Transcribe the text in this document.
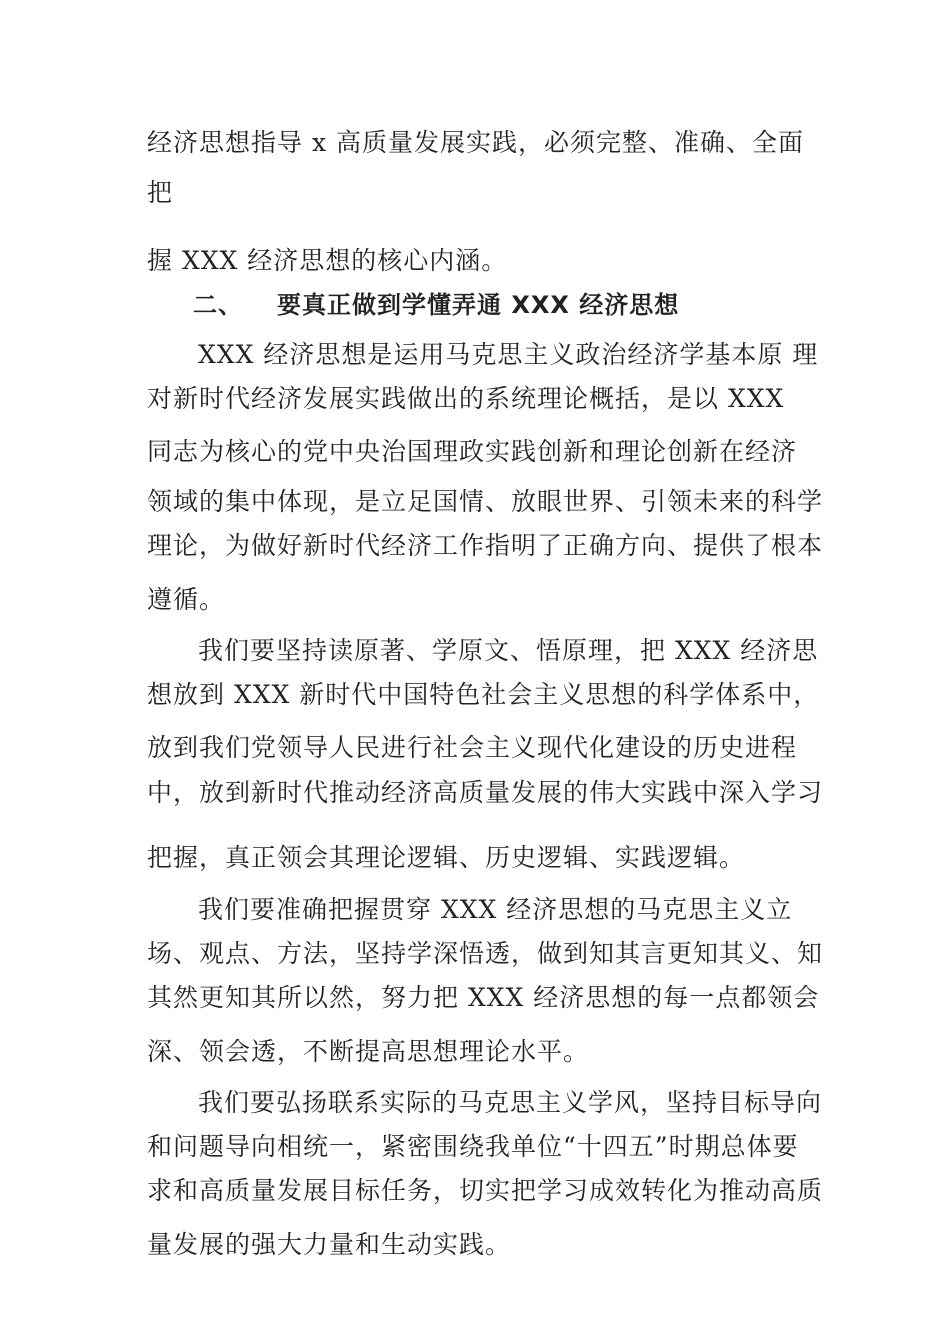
经济思想指导 x 高质量发展实践，必须完整、准确、全面
把
握 XXX 经济思想的核心内涵。
二、 要真正做到学懂弄通 XXX 经济思想
XXX 经济思想是运用马克思主义政治经济学基本原 理
对新时代经济发展实践做出的系统理论概括，是以 XXX
同志为核心的党中央治国理政实践创新和理论创新在经济
领域的集中体现，是立足国情、放眼世界、引领未来的科学
理论，为做好新时代经济工作指明了正确方向、提供了根本
遵循。
我们要坚持读原著、学原文、悟原理，把 XXX 经济思
想放到 XXX 新时代中国特色社会主义思想的科学体系中，
放到我们党领导人民进行社会主义现代化建设的历史进程
中，放到新时代推动经济高质量发展的伟大实践中深入学习
把握，真正领会其理论逻辑、历史逻辑、实践逻辑。
我们要准确把握贯穿 XXX 经济思想的马克思主义立
场、观点、方法，坚持学深悟透，做到知其言更知其义、知
其然更知其所以然，努力把 XXX 经济思想的每一点都领会
深、领会透，不断提高思想理论水平。
我们要弘扬联系实际的马克思主义学风，坚持目标导向
和问题导向相统一，紧密围绕我单位“十四五”时期总体要
求和高质量发展目标任务，切实把学习成效转化为推动高质
量发展的强大力量和生动实践。
